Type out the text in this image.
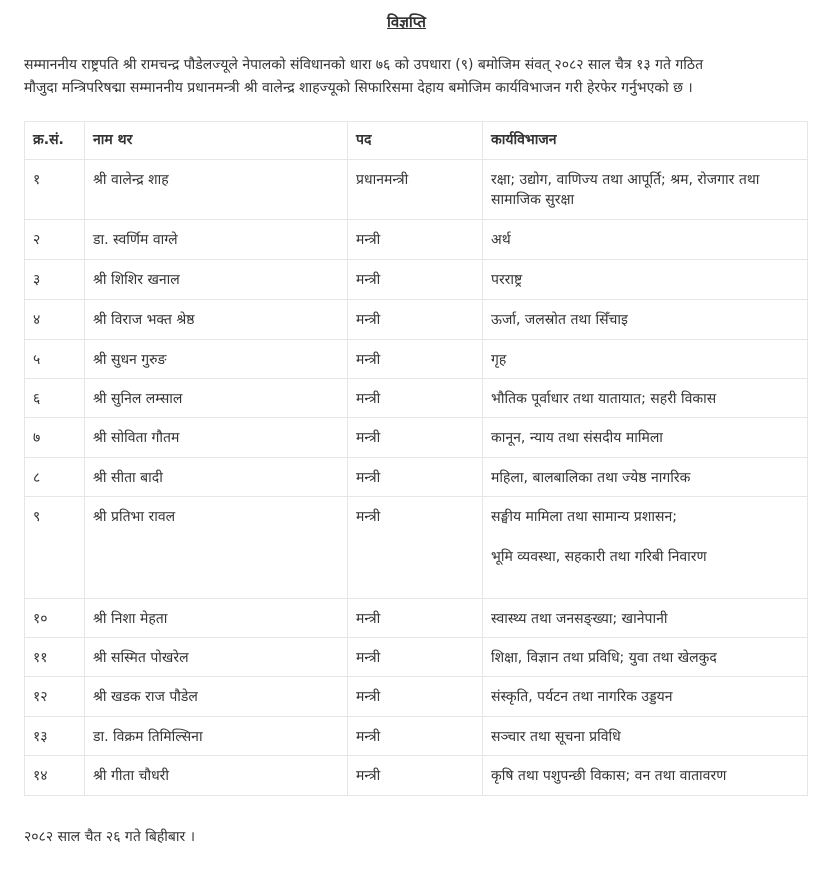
विज्ञप्ति
सम्माननीय राष्ट्रपति श्री रामचन्द्र पौडेलज्यूले नेपालको संविधानको धारा ७६ को उपधारा (९) बमोजिम संवत् २०८२ साल चैत्र १३ गते गठित
मौजुदा मन्त्रिपरिषद्मा सम्माननीय प्रधानमन्त्री श्री वालेन्द्र शाहज्यूको सिफारिसमा देहाय बमोजिम कार्यविभाजन गरी हेरफेर गर्नुभएको छ ।
क्र.सं.	नाम थर	पद	कार्यविभाजन
१	श्री वालेन्द्र शाह	प्रधानमन्त्री	रक्षा; उद्योग, वाणिज्य तथा आपूर्ति; श्रम, रोजगार तथा सामाजिक सुरक्षा
२	डा. स्वर्णिम वाग्ले	मन्त्री	अर्थ
३	श्री शिशिर खनाल	मन्त्री	परराष्ट्र
४	श्री विराज भक्त श्रेष्ठ	मन्त्री	ऊर्जा, जलस्रोत तथा सिँचाइ
५	श्री सुधन गुरुङ	मन्त्री	गृह
६	श्री सुनिल लम्साल	मन्त्री	भौतिक पूर्वाधार तथा यातायात; सहरी विकास
७	श्री सोविता गौतम	मन्त्री	कानून, न्याय तथा संसदीय मामिला
८	श्री सीता बादी	मन्त्री	महिला, बालबालिका तथा ज्येष्ठ नागरिक
९	श्री प्रतिभा रावल	मन्त्री	सङ्घीय मामिला तथा सामान्य प्रशासन;
भूमि व्यवस्था, सहकारी तथा गरिबी निवारण

१०	श्री निशा मेहता	मन्त्री	स्वास्थ्य तथा जनसङ्ख्या; खानेपानी
११	श्री सस्मित पोखरेल	मन्त्री	शिक्षा, विज्ञान तथा प्रविधि; युवा तथा खेलकुद
१२	श्री खडक राज पौडेल	मन्त्री	संस्कृति, पर्यटन तथा नागरिक उड्डयन
१३	डा. विक्रम तिमिल्सिना	मन्त्री	सञ्चार तथा सूचना प्रविधि
१४	श्री गीता चौधरी	मन्त्री	कृषि तथा पशुपन्छी विकास; वन तथा वातावरण
२०८२ साल चैत २६ गते बिहीबार ।
